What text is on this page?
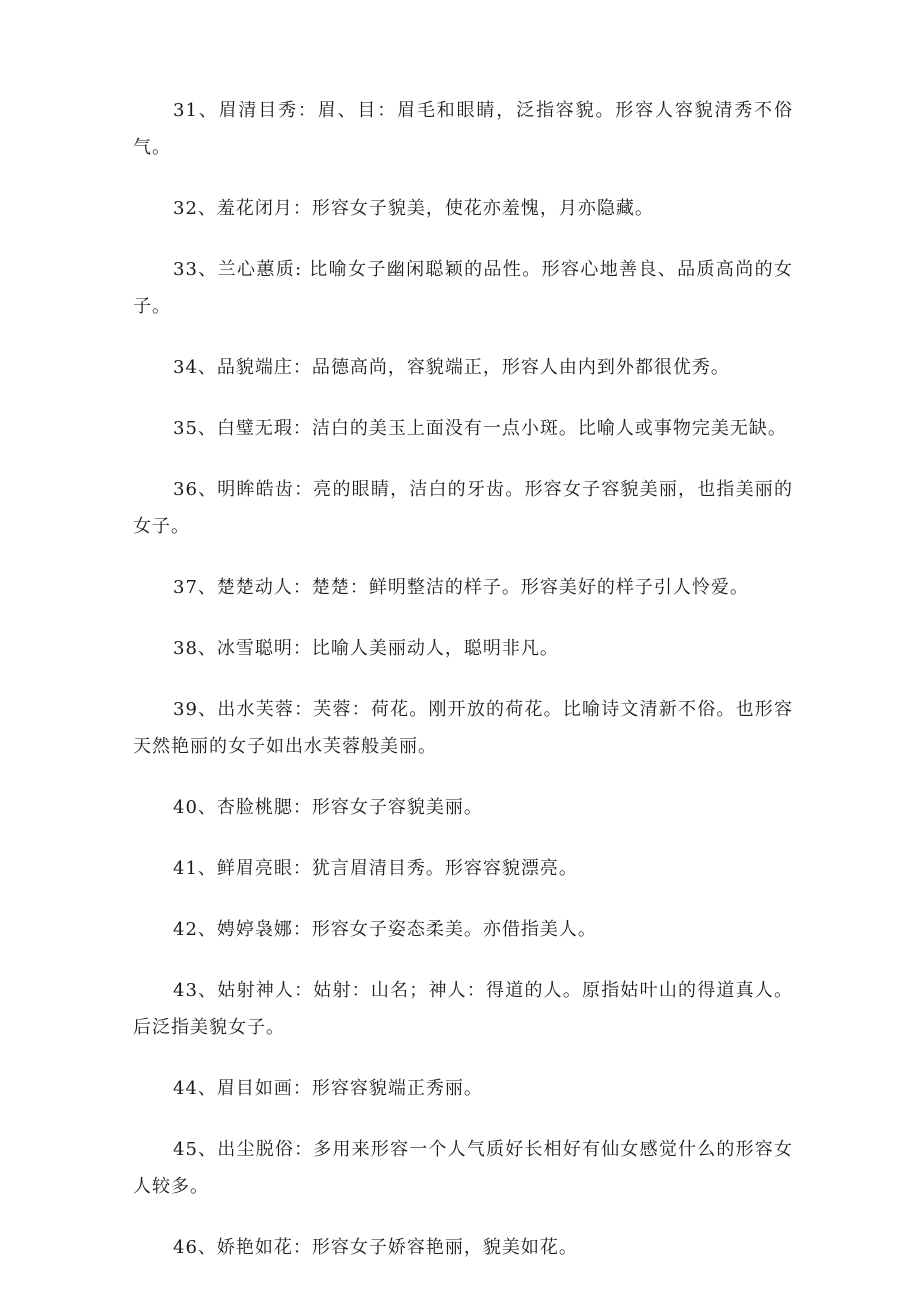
31、眉清目秀：眉、目：眉毛和眼睛，泛指容貌。形容人容貌清秀不俗气。

32、羞花闭月：形容女子貌美，使花亦羞愧，月亦隐藏。

33、兰心蕙质: 比喻女子幽闲聪颖的品性。形容心地善良、品质高尚的女子。

34、品貌端庄：品德高尚，容貌端正，形容人由内到外都很优秀。

35、白璧无瑕：洁白的美玉上面没有一点小斑。比喻人或事物完美无缺。

36、明眸皓齿：亮的眼睛，洁白的牙齿。形容女子容貌美丽，也指美丽的女子。

37、楚楚动人：楚楚：鲜明整洁的样子。形容美好的样子引人怜爱。

38、冰雪聪明：比喻人美丽动人，聪明非凡。

39、出水芙蓉：芙蓉：荷花。刚开放的荷花。比喻诗文清新不俗。也形容天然艳丽的女子如出水芙蓉般美丽。

40、杏脸桃腮：形容女子容貌美丽。

41、鲜眉亮眼：犹言眉清目秀。形容容貌漂亮。

42、娉婷袅娜：形容女子姿态柔美。亦借指美人。

43、姑射神人：姑射：山名；神人：得道的人。原指姑叶山的得道真人。后泛指美貌女子。

44、眉目如画：形容容貌端正秀丽。

45、出尘脱俗：多用来形容一个人气质好长相好有仙女感觉什么的形容女人较多。

46、娇艳如花：形容女子娇容艳丽，貌美如花。
